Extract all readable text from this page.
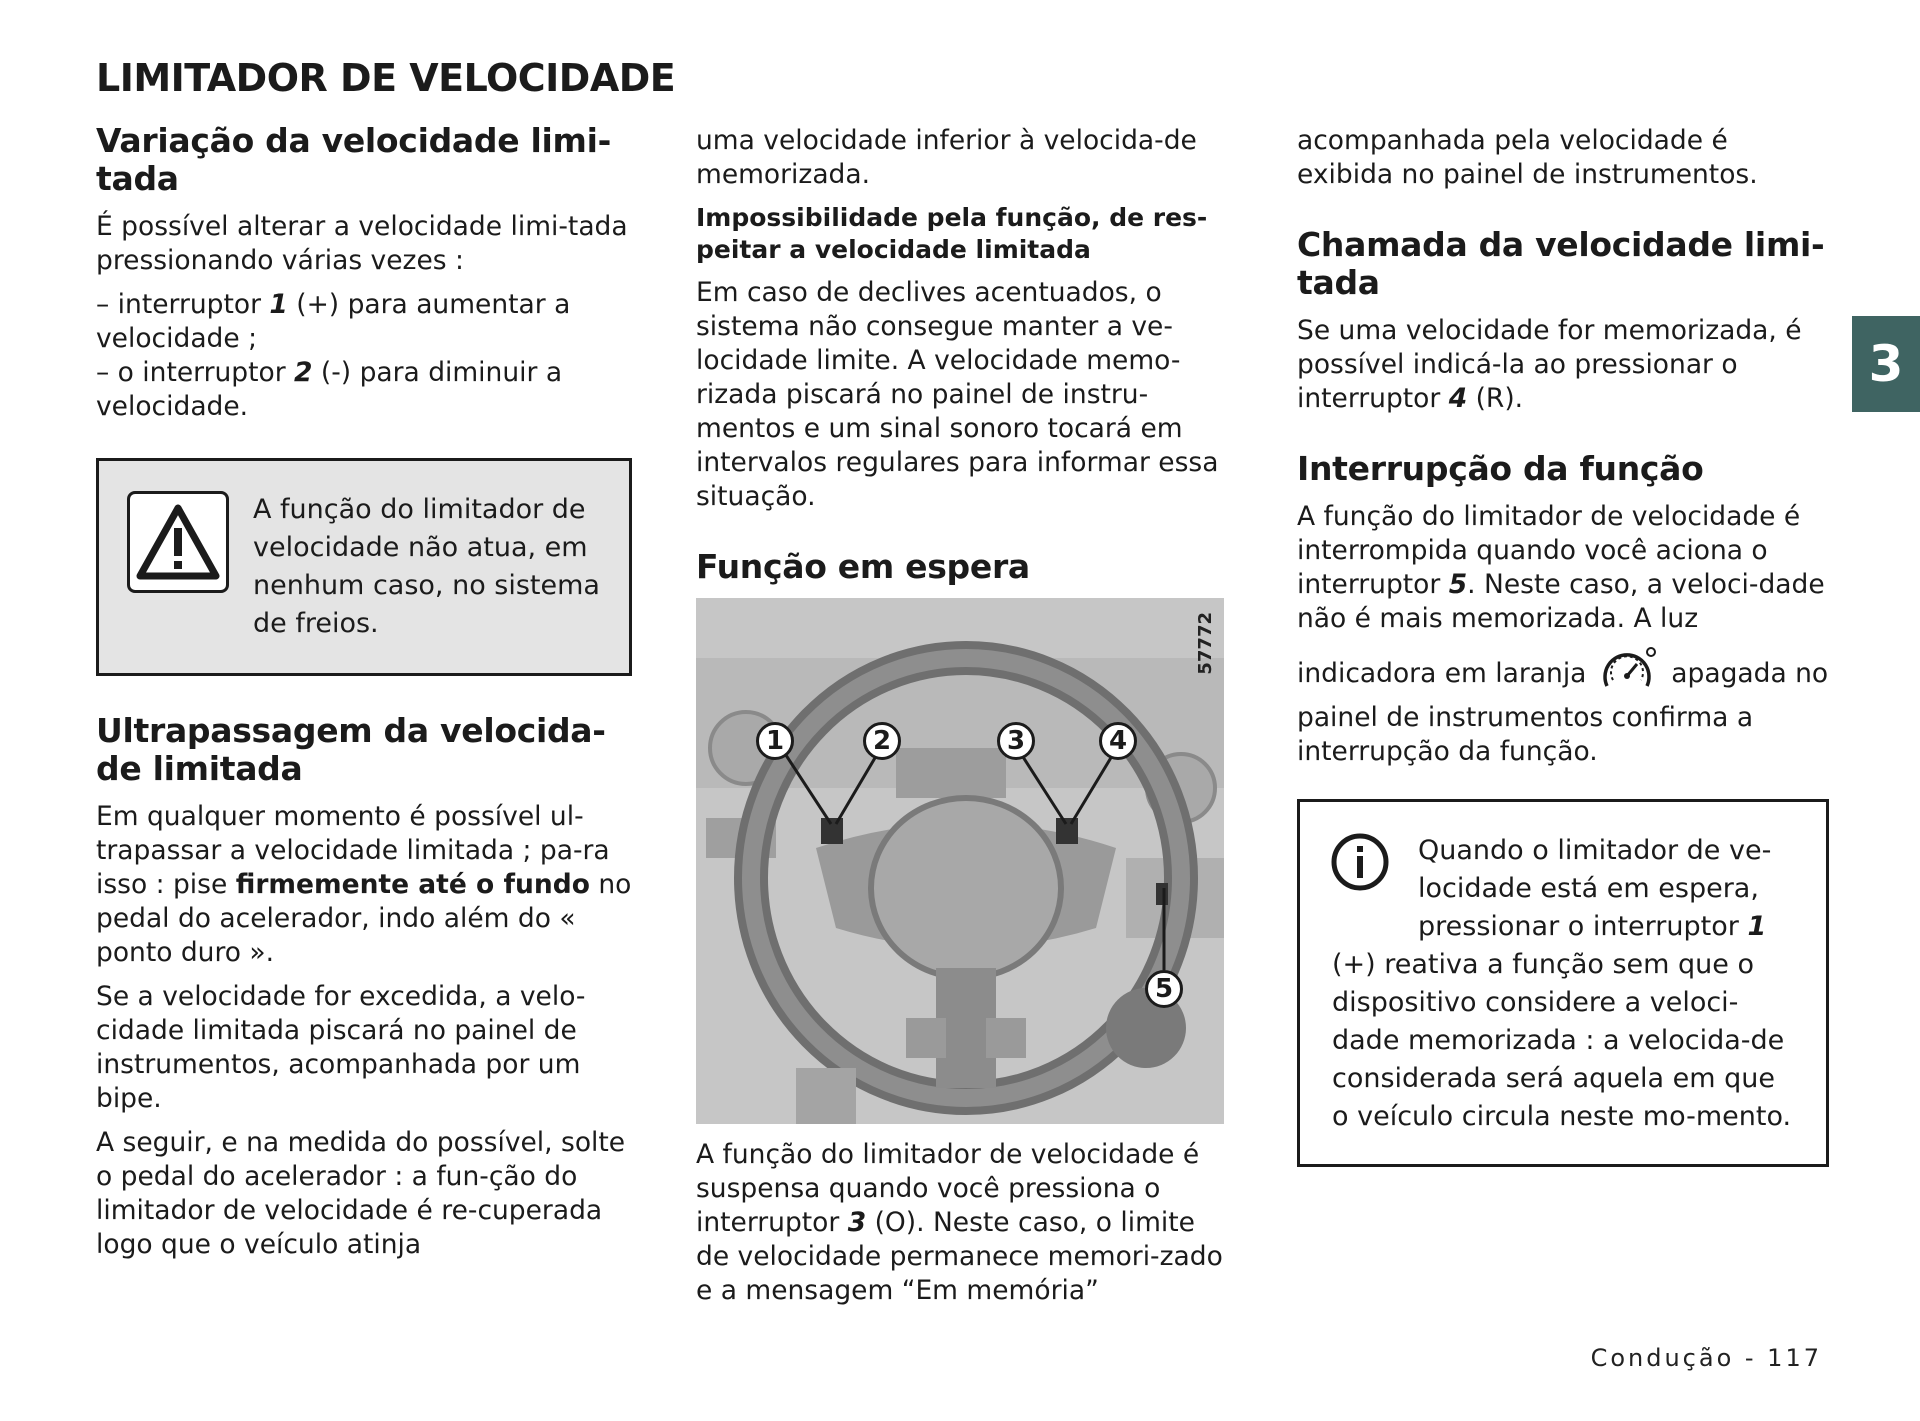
LIMITADOR DE VELOCIDADE
Variação da velocidade limi-tada

É possível alterar a velocidade limi-tada pressionando várias vezes :

– interruptor 1 (+) para aumentar a velocidade ;
– o interruptor 2 (-) para diminuir a velocidade.
A função do limitador de velocidade não atua, em nenhum caso, no sistema de freios.
Ultrapassagem da velocida-de limitada

Em qualquer momento é possível ul-trapassar a velocidade limitada ; pa-ra isso : pise firmemente até o fundo no pedal do acelerador, indo além do « ponto duro ».

Se a velocidade for excedida, a velo-cidade limitada piscará no painel de instrumentos, acompanhada por um bipe.

A seguir, e na medida do possível, solte o pedal do acelerador : a fun-ção do limitador de velocidade é re-cuperada logo que o veículo atinja

uma velocidade inferior à velocida-de memorizada.

Impossibilidade pela função, de res-peitar a velocidade limitada

Em caso de declives acentuados, o sistema não consegue manter a ve-locidade limite. A velocidade memo-rizada piscará no painel de instru-mentos e um sinal sonoro tocará em intervalos regulares para informar essa situação.

Função em espera
1	2	3	4
5
57772

A função do limitador de velocidade é suspensa quando você pressiona o interruptor 3 (O). Neste caso, o limite de velocidade permanece memori-zado e a mensagem “Em memória”

acompanhada pela velocidade é exibida no painel de instrumentos.

Chamada da velocidade limi-tada

Se uma velocidade for memorizada, é possível indicá-la ao pressionar o interruptor 4 (R).

Interrupção da função

A função do limitador de velocidade é interrompida quando você aciona o interruptor 5. Neste caso, a veloci-dade não é mais memorizada. A luz

indicadora em laranja	apagada no painel de instrumentos confirma a interrupção da função.

Quando o limitador de ve-locidade está em espera, pressionar o interruptor 1
(+) reativa a função sem que o dispositivo considere a veloci-dade memorizada : a velocida-de considerada será aquela em que o veículo circula neste mo-mento.

3
Condução - 117
